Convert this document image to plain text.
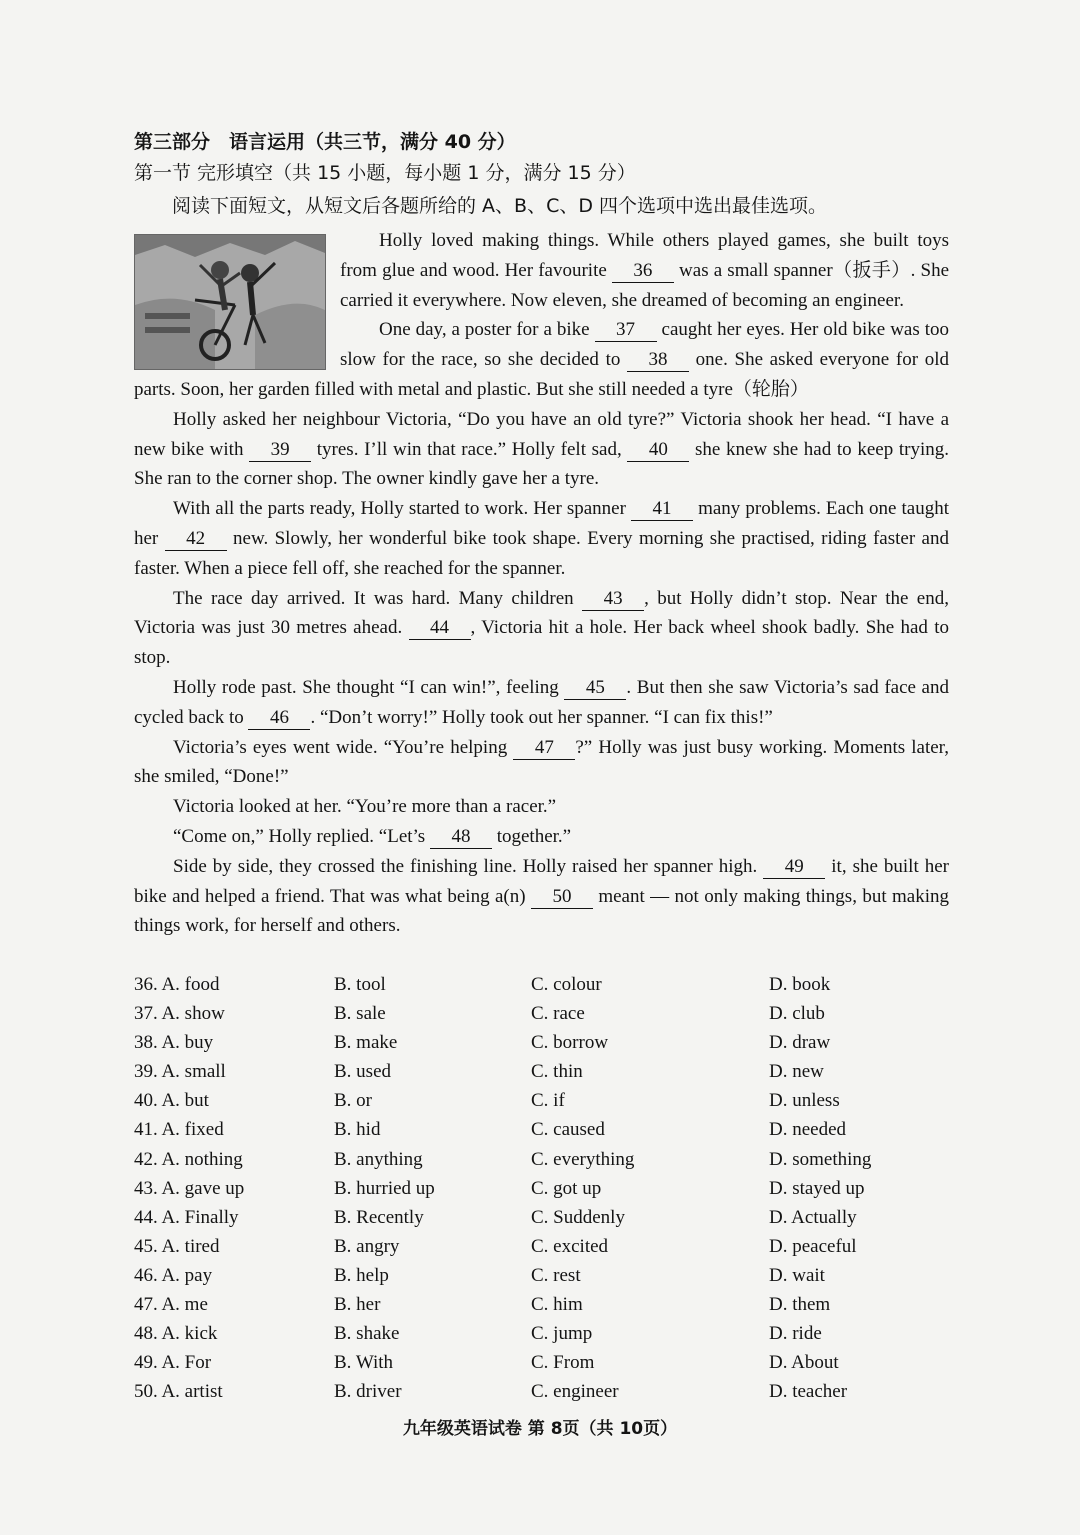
第三部分　语言运用（共三节，满分 40 分）
第一节 完形填空（共 15 小题，每小题 1 分，满分 15 分）
阅读下面短文，从短文后各题所给的 A、B、C、D 四个选项中选出最佳选项。

Holly loved making things. While others played games, she built toys from glue and wood. Her favourite 36 was a small spanner（扳手）. She carried it everywhere. Now eleven, she dreamed of becoming an engineer.

One day, a poster for a bike 37 caught her eyes. Her old bike was too slow for the race, so she decided to 38 one. She asked everyone for old parts. Soon, her garden filled with metal and plastic. But she still needed a tyre（轮胎）

Holly asked her neighbour Victoria, “Do you have an old tyre?” Victoria shook her head. “I have a new bike with 39 tyres. I’ll win that race.” Holly felt sad, 40 she knew she had to keep trying. She ran to the corner shop. The owner kindly gave her a tyre.

With all the parts ready, Holly started to work. Her spanner 41 many problems. Each one taught her 42 new. Slowly, her wonderful bike took shape. Every morning she practised, riding faster and faster. When a piece fell off, she reached for the spanner.

The race day arrived. It was hard. Many children 43 , but Holly didn’t stop. Near the end, Victoria was just 30 metres ahead. 44 , Victoria hit a hole. Her back wheel shook badly. She had to stop.

Holly rode past. She thought “I can win!”, feeling 45 . But then she saw Victoria’s sad face and cycled back to 46 . “Don’t worry!” Holly took out her spanner. “I can fix this!”

Victoria’s eyes went wide. “You’re helping 47 ?” Holly was just busy working. Moments later, she smiled, “Done!”

Victoria looked at her. “You’re more than a racer.”

“Come on,” Holly replied. “Let’s 48 together.”

Side by side, they crossed the finishing line. Holly raised her spanner high. 49 it, she built her bike and helped a friend. That was what being a(n) 50 meant — not only making things, but making things work, for herself and others.

36. A. food	B. tool	C. colour	D. book
37. A. show	B. sale	C. race	D. club
38. A. buy	B. make	C. borrow	D. draw
39. A. small	B. used	C. thin	D. new
40. A. but	B. or	C. if	D. unless
41. A. fixed	B. hid	C. caused	D. needed
42. A. nothing	B. anything	C. everything	D. something
43. A. gave up	B. hurried up	C. got up	D. stayed up
44. A. Finally	B. Recently	C. Suddenly	D. Actually
45. A. tired	B. angry	C. excited	D. peaceful
46. A. pay	B. help	C. rest	D. wait
47. A. me	B. her	C. him	D. them
48. A. kick	B. shake	C. jump	D. ride
49. A. For	B. With	C. From	D. About
50. A. artist	B. driver	C. engineer	D. teacher
九年级英语试卷 第 8页（共 10页）
